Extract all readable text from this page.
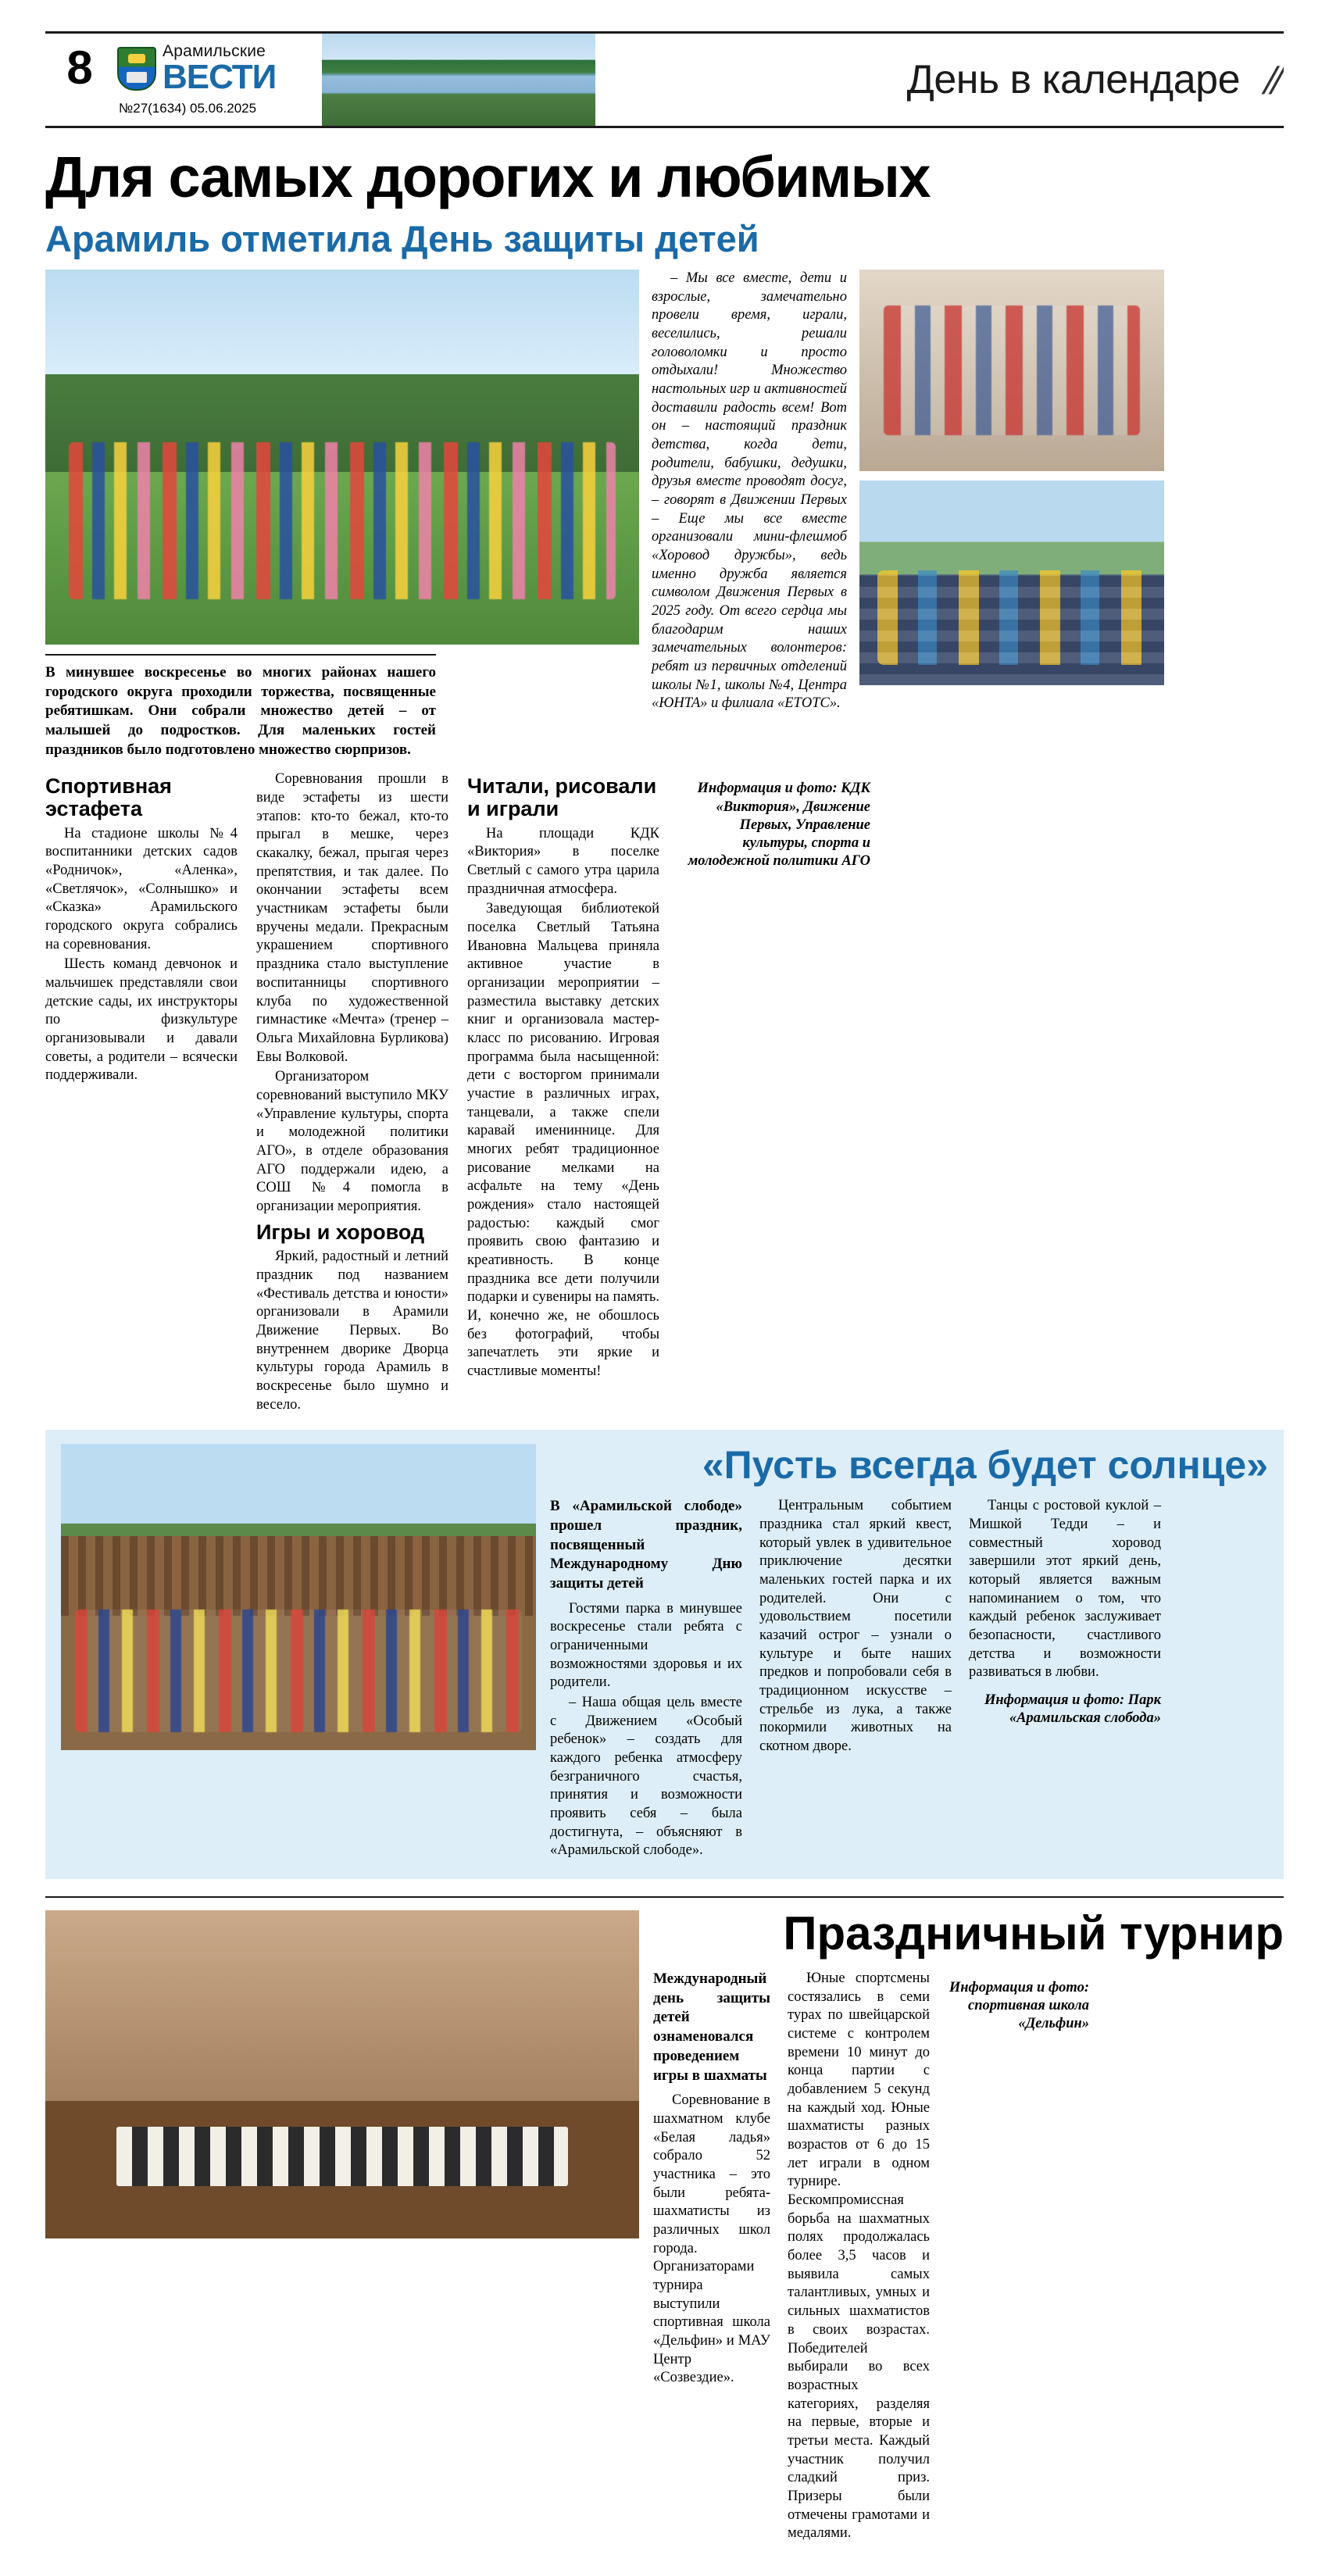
8	Арамильские
ВЕСТИ
№27(1634) 05.06.2025
День в календаре //
Для самых дорогих и любимых
Арамиль отметила День защиты детей

В минувшее воскресенье во многих районах нашего городского округа проходили торжества, посвященные ребятишкам. Они собрали множество детей – от малышей до подростков. Для маленьких гостей праздников было подготовлено множество сюрпризов.

– Мы все вместе, дети и взрослые, замечательно провели время, играли, веселились, решали головоломки и просто отдыхали! Множество настольных игр и активностей доставили радость всем! Вот он – настоящий праздник детства, когда дети, родители, бабушки, дедушки, друзья вместе проводят досуг, – говорят в Движении Первых – Еще мы все вместе организовали мини-флешмоб «Хоровод дружбы», ведь именно дружба является символом Движения Первых в 2025 году. От всего сердца мы благодарим наших замечательных волонтеров: ребят из первичных отделений школы №1, школы №4, Центра «ЮНТА» и филиала «ЕТОТС».

Спортивная эстафета

На стадионе школы №4 воспитанники детских садов «Родничок», «Аленка», «Светлячок», «Солнышко» и «Сказка» Арамильского городского округа собрались на соревнования.

Шесть команд девчонок и мальчишек представляли свои детские сады, их инструкторы по физкультуре организовывали и давали советы, а родители – всячески поддерживали.

Соревнования прошли в виде эстафеты из шести этапов: кто-то бежал, кто-то прыгал в мешке, через скакалку, бежал, прыгая через препятствия, и так далее. По окончании эстафеты всем участникам эстафеты были вручены медали. Прекрасным украшением спортивного праздника стало выступление воспитанницы спортивного клуба по художественной гимнастике «Мечта» (тренер – Ольга Михайловна Бурликова) Евы Волковой.

Организатором соревнований выступило МКУ «Управление культуры, спорта и молодежной политики АГО», в отделе образования АГО поддержали идею, а СОШ №4 помогла в организации мероприятия.

Игры и хоровод

Яркий, радостный и летний праздник под названием «Фестиваль детства и юности» организовали в Арамили Движение Первых. Во внутреннем дворике Дворца культуры города Арамиль в воскресенье было шумно и весело.

Читали, рисовали и играли

На площади КДК «Виктория» в поселке Светлый с самого утра царила праздничная атмосфера.

Заведующая библиотекой поселка Светлый Татьяна Ивановна Мальцева приняла активное участие в организации мероприятии – разместила выставку детских книг и организовала мастер-класс по рисованию. Игровая программа была насыщенной: дети с восторгом принимали участие в различных играх, танцевали, а также спели каравай имениннице. Для многих ребят традиционное рисование мелками на асфальте на тему «День рождения» стало настоящей радостью: каждый смог проявить свою фантазию и креативность. В конце праздника все дети получили подарки и сувениры на память. И, конечно же, не обошлось без фотографий, чтобы запечатлеть эти яркие и счастливые моменты!

Информация и фото: КДК «Виктория», Движение Первых, Управление культуры, спорта и молодежной политики АГО
«Пусть всегда будет солнце»
В «Арамильской слободе» прошел праздник, посвященный Международному Дню защиты детей

Гостями парка в минувшее воскресенье стали ребята с ограниченными возможностями здоровья и их родители.

– Наша общая цель вместе с Движением «Особый ребенок» – создать для каждого ребенка атмосферу безграничного счастья, принятия и возможности проявить себя – была достигнута, – объясняют в «Арамильской слободе».

Центральным событием праздника стал яркий квест, который увлек в удивительное приключение десятки маленьких гостей парка и их родителей. Они с удовольствием посетили казачий острог – узнали о культуре и быте наших предков и попробовали себя в традиционном искусстве – стрельбе из лука, а также покормили животных на скотном дворе.

Танцы с ростовой куклой – Мишкой Тедди – и совместный хоровод завершили этот яркий день, который является важным напоминанием о том, что каждый ребенок заслуживает безопасности, счастливого детства и возможности развиваться в любви.

Информация и фото: Парк «Арамильская слобода»
Праздничный турнир
Международный день защиты детей ознаменовался проведением игры в шахматы

Соревнование в шахматном клубе «Белая ладья» собрало 52 участника – это были ребята-шахматисты из различных школ города. Организаторами турнира выступили спортивная школа «Дельфин» и МАУ Центр «Созвездие».

Юные спортсмены состязались в семи турах по швейцарской системе с контролем времени 10 минут до конца партии с добавлением 5 секунд на каждый ход. Юные шахматисты разных возрастов от 6 до 15 лет играли в одном турнире. Бескомпромиссная борьба на шахматных полях продолжалась более 3,5 часов и выявила самых талантливых, умных и сильных шахматистов в своих возрастах. Победителей выбирали во всех возрастных категориях, разделяя на первые, вторые и третьи места. Каждый участник получил сладкий приз. Призеры были отмечены грамотами и медалями.

Информация и фото: спортивная школа «Дельфин»
